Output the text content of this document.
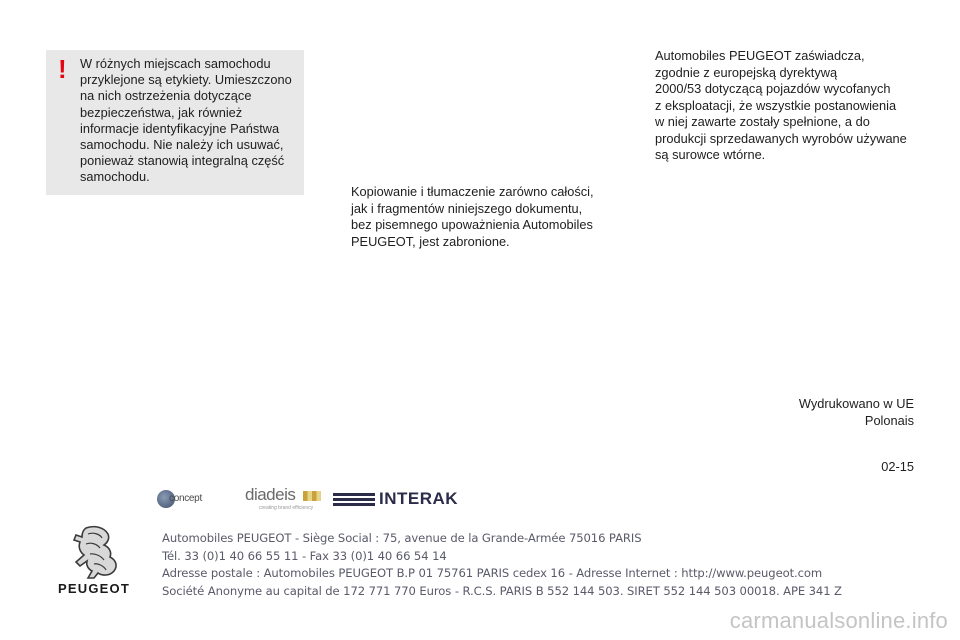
! W różnych miejscach samochodu
przyklejone są etykiety. Umieszczono
na nich ostrzeżenia dotyczące
bezpieczeństwa, jak również
informacje identyfikacyjne Państwa
samochodu. Nie należy ich usuwać,
ponieważ stanowią integralną część
samochodu.
Kopiowanie i tłumaczenie zarówno całości,
jak i fragmentów niniejszego dokumentu,
bez pisemnego upoważnienia Automobiles
PEUGEOT, jest zabronione.
Automobiles PEUGEOT zaświadcza,
zgodnie z europejską dyrektywą
2000/53 dotyczącą pojazdów wycofanych
z eksploatacji, że wszystkie postanowienia
w niej zawarte zostały spełnione, a do
produkcji sprzedawanych wyrobów używane
są surowce wtórne.
Wydrukowano w UE
Polonais
02-15
concept	diadeis
creating brand efficiency	INTERAK
PEUGEOT
Automobiles PEUGEOT - Siège Social : 75, avenue de la Grande-Armée 75016 PARIS
Tél. 33 (0)1 40 66 55 11 - Fax 33 (0)1 40 66 54 14
Adresse postale : Automobiles PEUGEOT B.P 01 75761 PARIS cedex 16 - Adresse Internet : http://www.peugeot.com
Société Anonyme au capital de 172 771 770 Euros - R.C.S. PARIS B 552 144 503. SIRET 552 144 503 00018. APE 341 Z
carmanualsonline.info
